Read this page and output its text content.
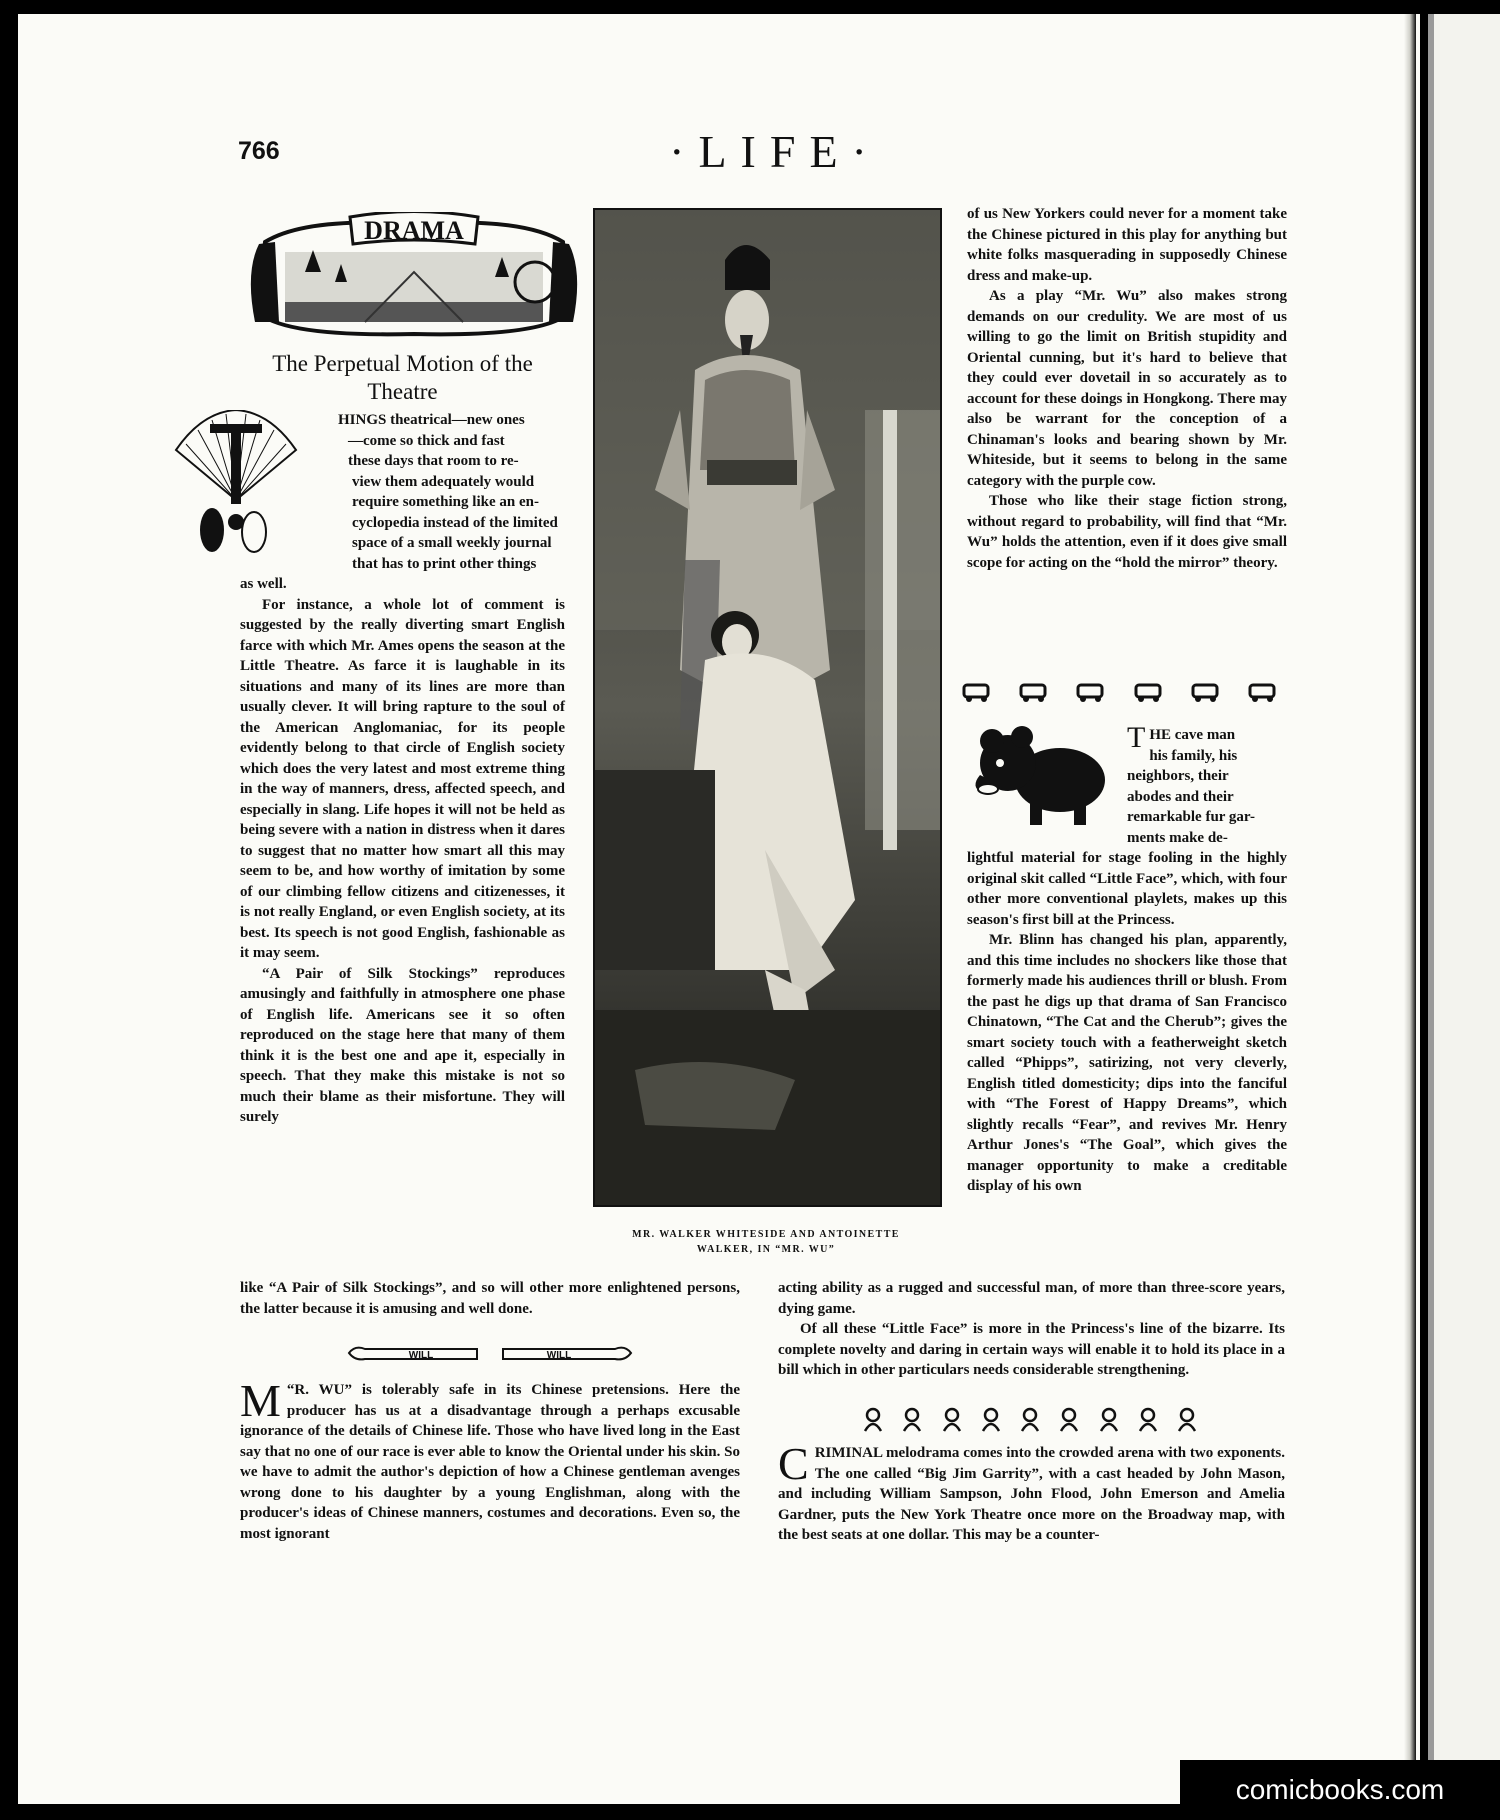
766	·LIFE·
DRAMA
The Perpetual Motion of the
Theatre
HINGS theatrical—new ones
—come so thick and fast
these days that room to re-
view them adequately would
require something like an en-
cyclopedia instead of the limited
space of a small weekly journal
that has to print other things
as well.

For instance, a whole lot of comment is suggested by the really diverting smart English farce with which Mr. Ames opens the season at the Little Theatre. As farce it is laughable in its situations and many of its lines are more than usually clever. It will bring rapture to the soul of the American Anglomaniac, for its people evidently belong to that circle of English society which does the very latest and most extreme thing in the way of manners, dress, affected speech, and especially in slang. Life hopes it will not be held as being severe with a nation in distress when it dares to suggest that no matter how smart all this may seem to be, and how worthy of imitation by some of our climbing fellow citizens and citizenesses, it is not really England, or even English society, at its best. Its speech is not good English, fashionable as it may seem.

“A Pair of Silk Stockings” reproduces amusingly and faithfully in atmosphere one phase of English life. Americans see it so often reproduced on the stage here that many of them think it is the best one and ape it, especially in speech. That they make this mistake is not so much their blame as their misfortune. They will surely

MR. WALKER WHITESIDE AND ANTOINETTE
WALKER, IN “MR. WU”

of us New Yorkers could never for a moment take the Chinese pictured in this play for anything but white folks masquerading in supposedly Chinese dress and make-up.

As a play “Mr. Wu” also makes strong demands on our credulity. We are most of us willing to go the limit on British stupidity and Oriental cunning, but it's hard to believe that they could ever dovetail in so accurately as to account for these doings in Hongkong. There may also be warrant for the conception of a Chinaman's looks and bearing shown by Mr. Whiteside, but it seems to belong in the same category with the purple cow.

Those who like their stage fiction strong, without regard to probability, will find that “Mr. Wu” holds the attention, even if it does give small scope for acting on the “hold the mirror” theory.

THE cave man
his family, his
neighbors, their
abodes and their
remarkable fur gar-
ments make de-

lightful material for stage fooling in the highly original skit called “Little Face”, which, with four other more conventional playlets, makes up this season's first bill at the Princess.

Mr. Blinn has changed his plan, apparently, and this time includes no shockers like those that formerly made his audiences thrill or blush. From the past he digs up that drama of San Francisco Chinatown, “The Cat and the Cherub”; gives the smart society touch with a featherweight sketch called “Phipps”, satirizing, not very cleverly, English titled domesticity; dips into the fanciful with “The Forest of Happy Dreams”, which slightly recalls “Fear”, and revives Mr. Henry Arthur Jones's “The Goal”, which gives the manager opportunity to make a creditable display of his own

like “A Pair of Silk Stockings”, and so will other more enlightened persons, the latter because it is amusing and well done.

WILL	WILL

“
M R. WU” is tolerably safe in its Chinese pretensions. Here the producer has us at a disadvantage through a perhaps excusable ignorance of the details of Chinese life. Those who have lived long in the East say that no one of our race is ever able to know the Oriental under his skin. So we have to admit the author's depiction of how a Chinese gentleman avenges wrong done to his daughter by a young Englishman, along with the producer's ideas of Chinese manners, costumes and decorations. Even so, the most ignorant

acting ability as a rugged and successful man, of more than three-score years, dying game.

Of all these “Little Face” is more in the Princess's line of the bizarre. Its complete novelty and daring in certain ways will enable it to hold its place in a bill which in other particulars needs considerable strengthening.

CRIMINAL melodrama comes into the crowded arena with two exponents. The one called “Big Jim Garrity”, with a cast headed by John Mason, and including William Sampson, John Flood, John Emerson and Amelia Gardner, puts the New York Theatre once more on the Broadway map, with the best seats at one dollar. This may be a counter-

comicbooks.com
